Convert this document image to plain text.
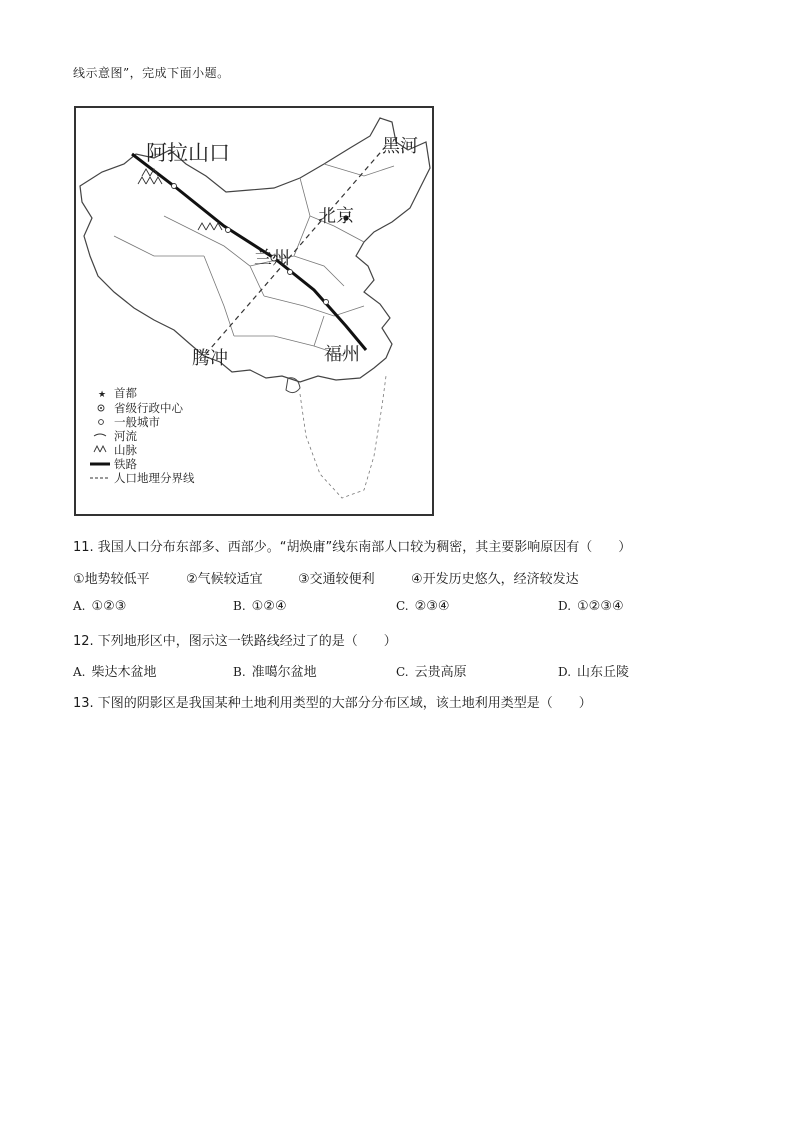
线示意图”，完成下面小题。
阿拉山口	黑河
北京
兰州
腾冲	福州
★ 首都
省级行政中心
一般城市
河流
山脉
铁路
人口地理分界线
11. 我国人口分布东部多、西部少。“胡焕庸”线东南部人口较为稠密，其主要影响原因有（　　）
①地势较低平	②气候较适宜	③交通较便利	④开发历史悠久，经济较发达
A. ①②③	B. ①②④	C. ②③④	D. ①②③④
12. 下列地形区中，图示这一铁路线经过了的是（　　）
A. 柴达木盆地	B. 准噶尔盆地	C. 云贵高原	D. 山东丘陵
13. 下图的阴影区是我国某种土地利用类型的大部分分布区域，该土地利用类型是（　　）
